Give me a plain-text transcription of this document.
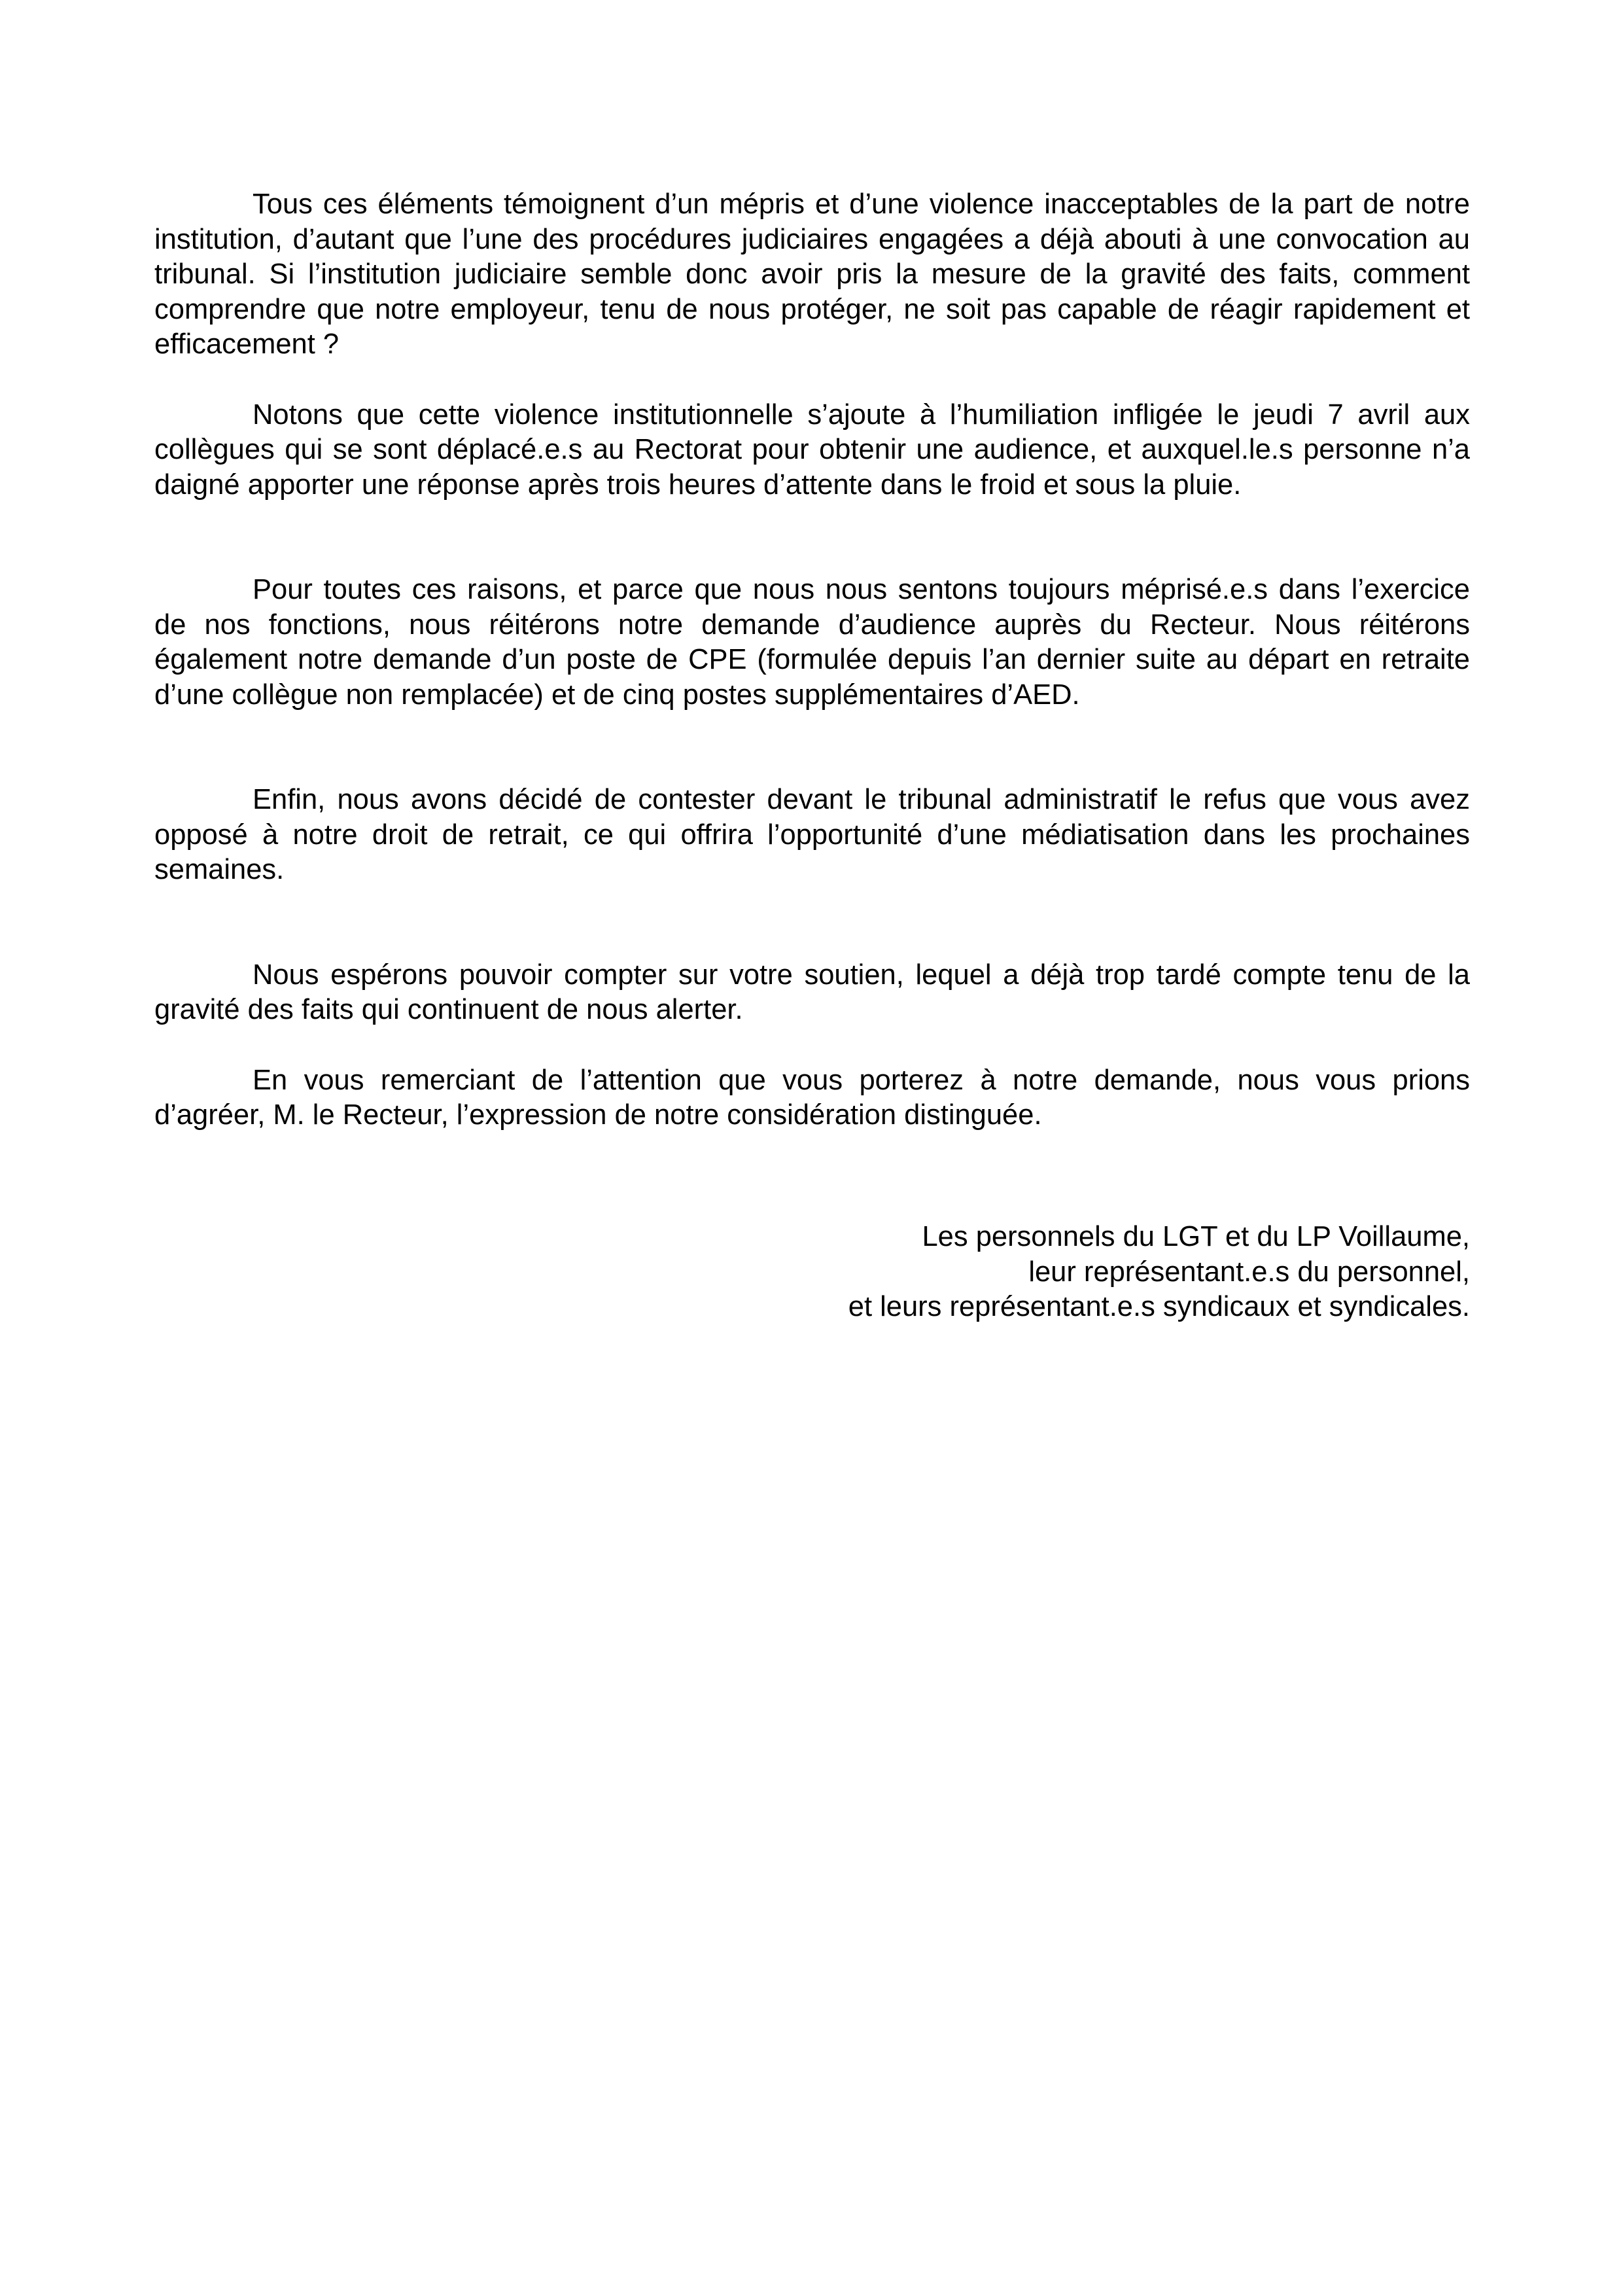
Tous ces éléments témoignent d’un mépris et d’une violence inacceptables de la part de notre institution, d’autant que l’une des procédures judiciaires engagées a déjà abouti à une convocation au tribunal. Si l’institution judiciaire semble donc avoir pris la mesure de la gravité des faits, comment comprendre que notre employeur, tenu de nous protéger, ne soit pas capable de réagir rapidement et efficacement ?

Notons que cette violence institutionnelle s’ajoute à l’humiliation infligée le jeudi 7 avril aux collègues qui se sont déplacé.e.s au Rectorat pour obtenir une audience, et auxquel.le.s personne n’a daigné apporter une réponse après trois heures d’attente dans le froid et sous la pluie.

Pour toutes ces raisons, et parce que nous nous sentons toujours méprisé.e.s dans l’exercice de nos fonctions, nous réitérons notre demande d’audience auprès du Recteur. Nous réitérons également notre demande d’un poste de CPE (formulée depuis l’an dernier suite au départ en retraite d’une collègue non remplacée) et de cinq postes supplémentaires d’AED.

Enfin, nous avons décidé de contester devant le tribunal administratif le refus que vous avez opposé à notre droit de retrait, ce qui offrira l’opportunité d’une médiatisation dans les prochaines semaines.

Nous espérons pouvoir compter sur votre soutien, lequel a déjà trop tardé compte tenu de la gravité des faits qui continuent de nous alerter.

En vous remerciant de l’attention que vous porterez à notre demande, nous vous prions d’agréer, M. le Recteur, l’expression de notre considération distinguée.

Les personnels du LGT et du LP Voillaume,
leur représentant.e.s du personnel,
et leurs représentant.e.s syndicaux et syndicales.
